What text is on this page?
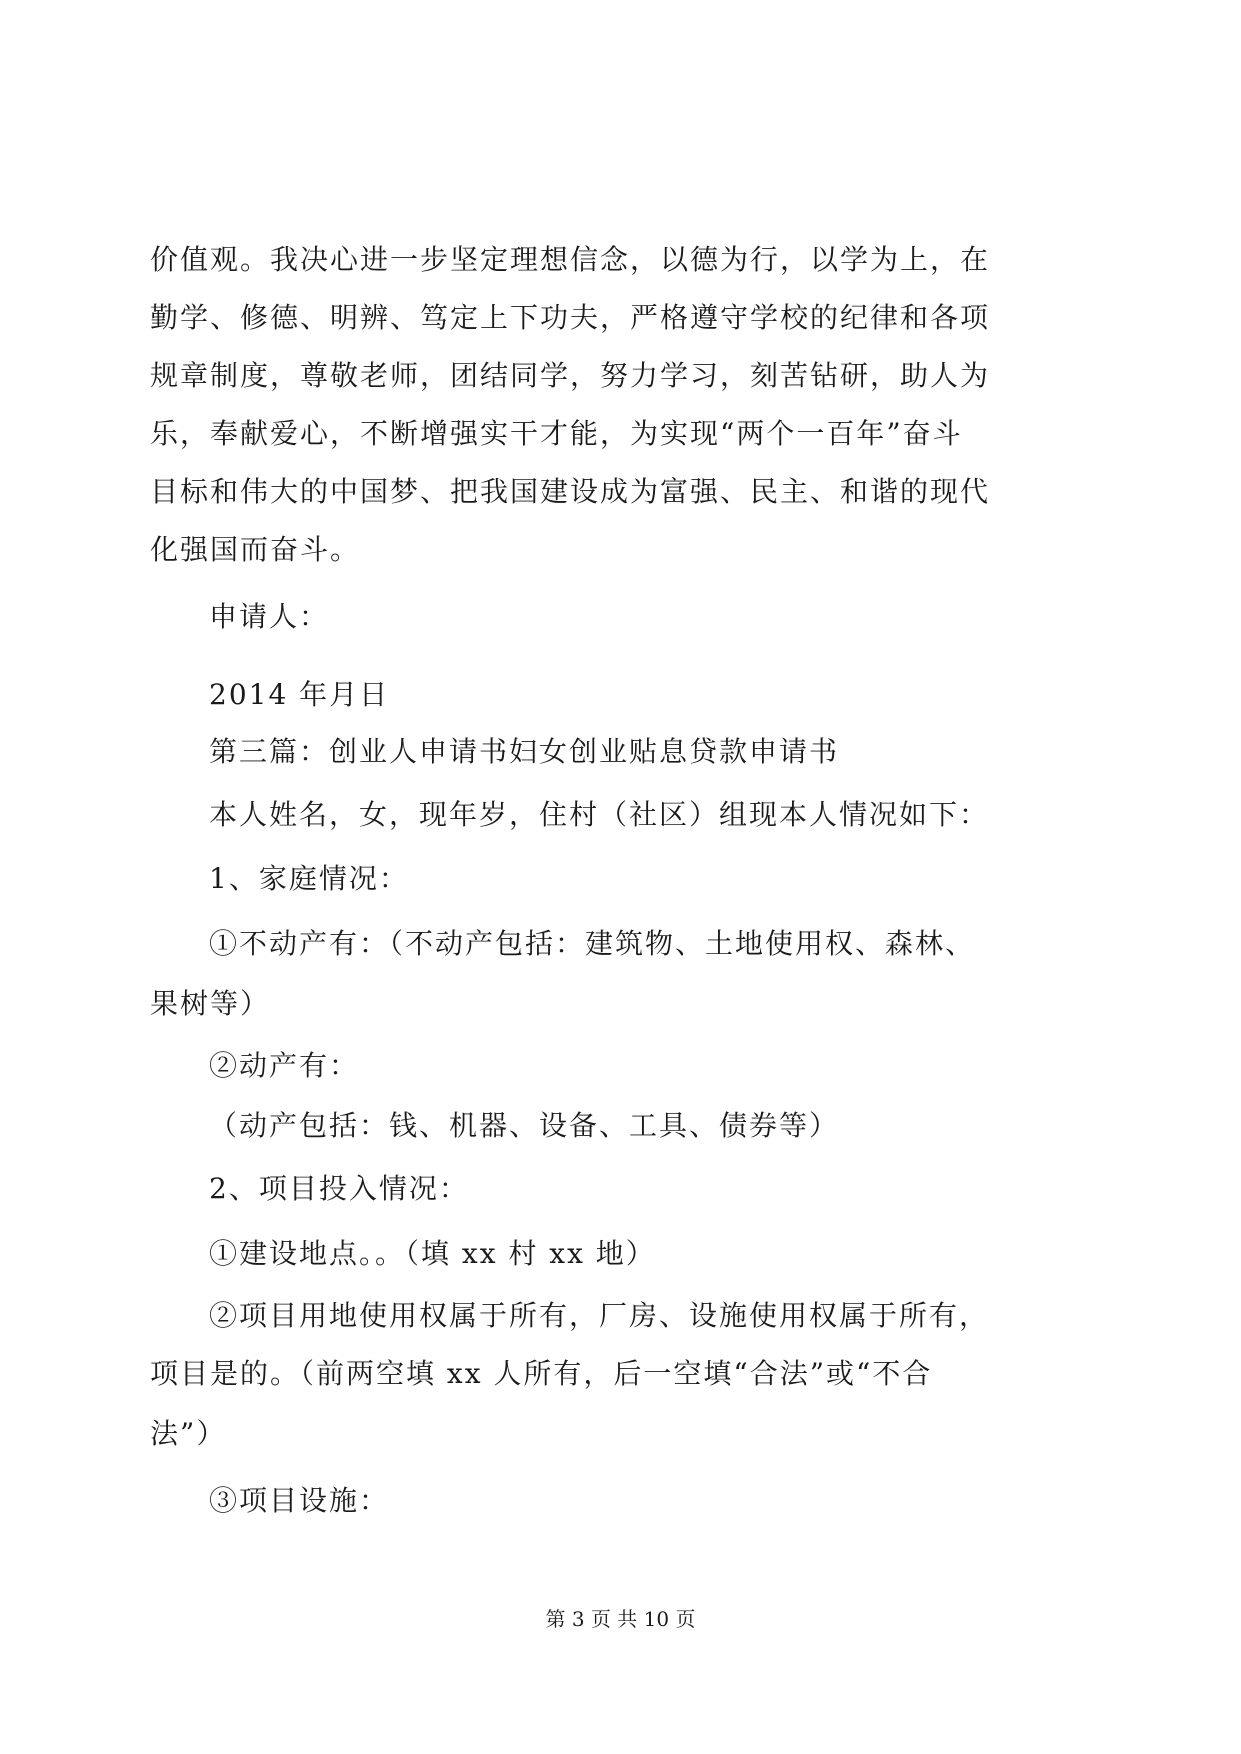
价值观。我决心进一步坚定理想信念，以德为行，以学为上，在
勤学、修德、明辨、笃定上下功夫，严格遵守学校的纪律和各项
规章制度，尊敬老师，团结同学，努力学习，刻苦钻研，助人为
乐，奉献爱心，不断增强实干才能，为实现“两个一百年”奋斗
目标和伟大的中国梦、把我国建设成为富强、民主、和谐的现代
化强国而奋斗。
申请人：
2014 年月日
第三篇：创业人申请书妇女创业贴息贷款申请书
本人姓名，女，现年岁，住村（社区）组现本人情况如下：
1、家庭情况：
①不动产有：（不动产包括：建筑物、土地使用权、森林、
果树等）
②动产有：
（动产包括：钱、机器、设备、工具、债券等）
2、项目投入情况：
①建设地点。。（填 xx 村 xx 地）
②项目用地使用权属于所有，厂房、设施使用权属于所有，
项目是的。（前两空填 xx 人所有，后一空填“合法”或“不合
法”）
③项目设施：
第 3 页 共 10 页
